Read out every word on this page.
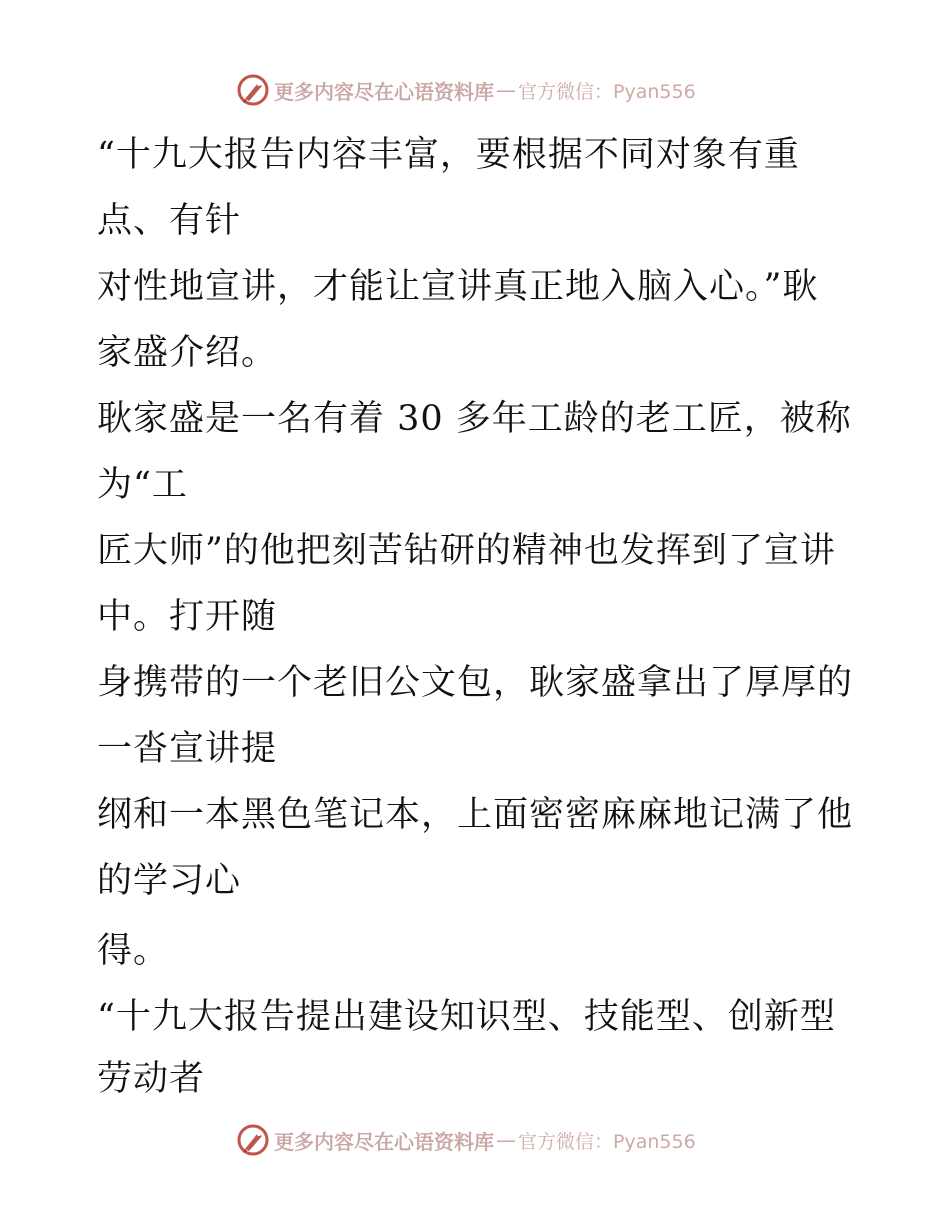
更多内容尽在心语资料库 — 官方微信：Pyan556
“十九大报告内容丰富，要根据不同对象有重
点、有针
对性地宣讲，才能让宣讲真正地入脑入心。”耿
家盛介绍。
耿家盛是一名有着 30 多年工龄的老工匠，被称
为“工
匠大师”的他把刻苦钻研的精神也发挥到了宣讲
中。打开随
身携带的一个老旧公文包，耿家盛拿出了厚厚的
一沓宣讲提
纲和一本黑色笔记本，上面密密麻麻地记满了他
的学习心
得。
“十九大报告提出建设知识型、技能型、创新型
劳动者
更多内容尽在心语资料库 — 官方微信：Pyan556
